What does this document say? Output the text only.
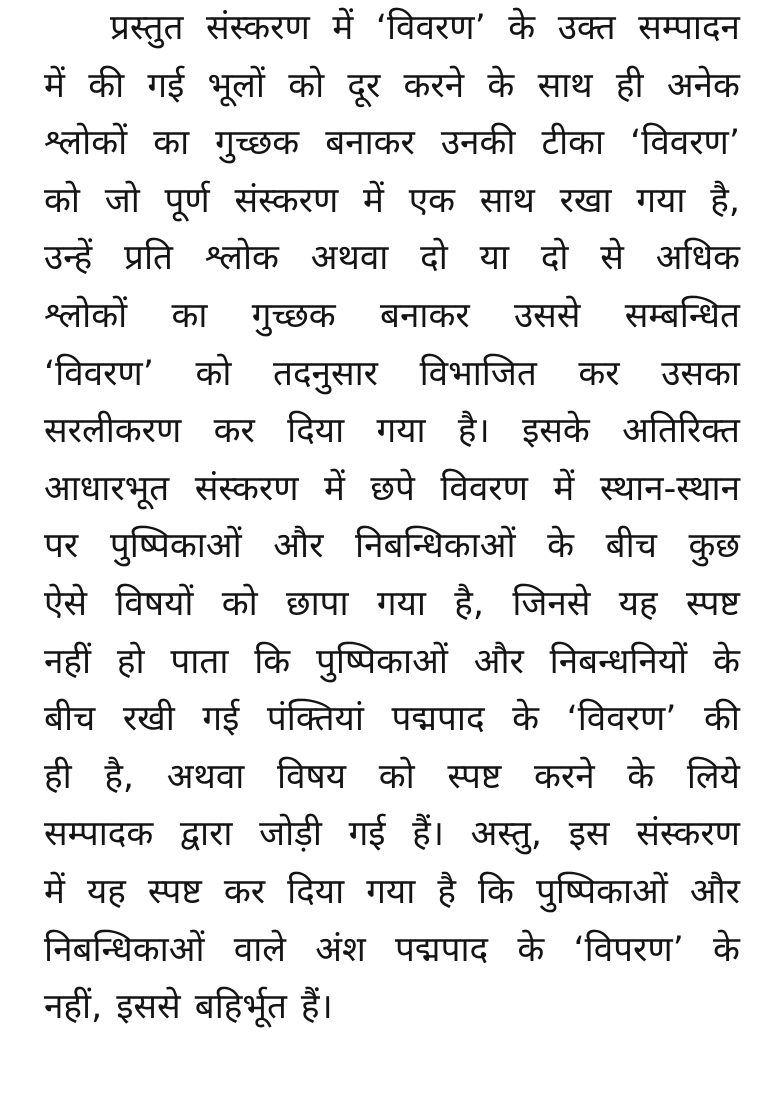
प्रस्तुत संस्करण में ‘विवरण’ के उक्त सम्पादन
में की गई भूलों को दूर करने के साथ ही अनेक
श्लोकों का गुच्छक बनाकर उनकी टीका ‘विवरण’
को जो पूर्ण संस्करण में एक साथ रखा गया है,
उन्हें प्रति श्लोक अथवा दो या दो से अधिक
श्लोकों का गुच्छक बनाकर उससे सम्बन्धित
‘विवरण’ को तदनुसार विभाजित कर उसका
सरलीकरण कर दिया गया है। इसके अतिरिक्त
आधारभूत संस्करण में छपे विवरण में स्थान-स्थान
पर पुष्पिकाओं और निबन्धिकाओं के बीच कुछ
ऐसे विषयों को छापा गया है, जिनसे यह स्पष्ट
नहीं हो पाता कि पुष्पिकाओं और निबन्धनियों के
बीच रखी गई पंक्तियां पद्मपाद के ‘विवरण’ की
ही है, अथवा विषय को स्पष्ट करने के लिये
सम्पादक द्वारा जोड़ी गई हैं। अस्तु, इस संस्करण
में यह स्पष्ट कर दिया गया है कि पुष्पिकाओं और
निबन्धिकाओं वाले अंश पद्मपाद के ‘विपरण’ के
नहीं, इससे बहिर्भूत हैं।
